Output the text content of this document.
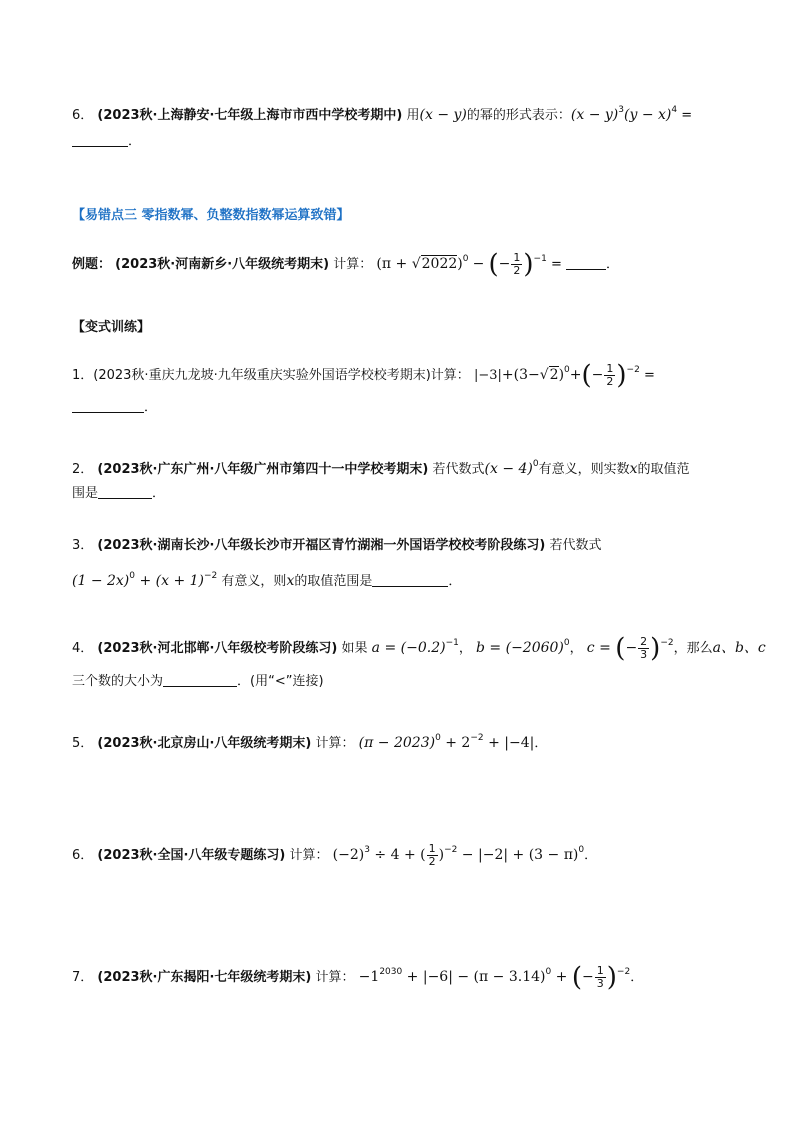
6． (2023秋·上海静安·七年级上海市市西中学校考期中) 用(x − y)的幂的形式表示：$(x - y)^3(y - x)^4$ =
．
【易错点三 零指数幂、负整数指数幂运算致错】
例题： (2023秋·河南新乡·八年级统考期末) 计算： $(\pi + √2022)^0$ − (− $\frac{1}{2} )^{-1}$ =	．
【变式训练】
1．(2023秋·重庆九龙坡·九年级重庆实验外国语学校校考期末)计算： $|-3|+(3-√2)^0+(- \frac{1}{2} )^{-2}$ =
．
2． (2023秋·广东广州·八年级广州市第四十一中学校考期末) 若代数式$(x - 4)^0$有意义，则实数x的取值范
围是	．
3． (2023秋·湖南长沙·八年级长沙市开福区青竹湖湘一外国语学校校考阶段练习) 若代数式
$(1 - 2x)^0 + (x + 1)^{-2}$ 有意义，则x的取值范围是	．
4． (2023秋·河北邯郸·八年级校考阶段练习) 如果 $a = (-0.2)^{-1}$， $b = (-2060)^0$， c = (− $\frac{2}{3} )^{-2}$，那么a、b、c
三个数的大小为	．(用“<”连接)
5． (2023秋·北京房山·八年级统考期末) 计算： $(\pi - 2023)^0 + 2^{-2} + |-4|$．
6． (2023秋·全国·八年级专题练习) 计算： $(-2)^3 \div 4$ + ( $\frac{1}{2} )^{-2} - |-2| + (3 - \pi)^0$．
7． (2023秋·广东揭阳·七年级统考期末) 计算： $-1^{2030} + |-6| - (\pi - 3.14)^0$ + (− $\frac{1}{3} )^{-2}$．
